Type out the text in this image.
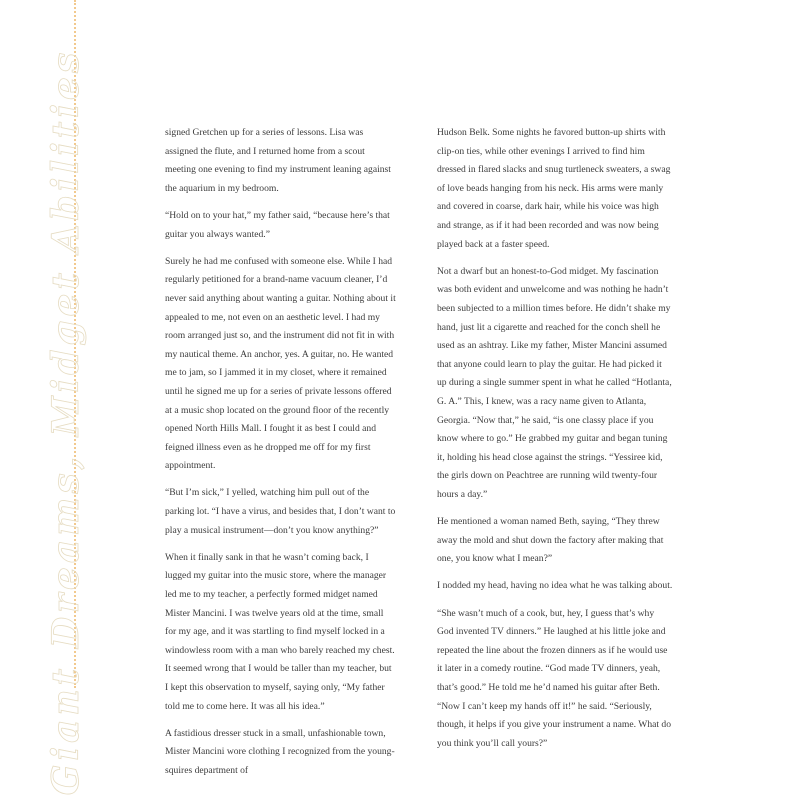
Giant Dreams, Midget Abilities	signed Gretchen up for a series of lessons. Lisa was assigned the flute, and I returned home from a scout meeting one evening to find my instrument leaning against the aquarium in my bedroom.

“Hold on to your hat,” my father said, “because here’s that guitar you always wanted.”

Surely he had me confused with someone else. While I had regularly petitioned for a brand-name vacuum cleaner, I’d never said anything about wanting a guitar. Nothing about it appealed to me, not even on an aesthetic level. I had my room arranged just so, and the instrument did not fit in with my nautical theme. An anchor, yes. A guitar, no. He wanted me to jam, so I jammed it in my closet, where it remained until he signed me up for a series of private lessons offered at a music shop located on the ground floor of the recently opened North Hills Mall. I fought it as best I could and feigned illness even as he dropped me off for my first appointment.

“But I’m sick,” I yelled, watching him pull out of the parking lot. “I have a virus, and besides that, I don’t want to play a musical instrument—don’t you know anything?”

When it finally sank in that he wasn’t coming back, I lugged my guitar into the music store, where the manager led me to my teacher, a perfectly formed midget named Mister Mancini. I was twelve years old at the time, small for my age, and it was startling to find myself locked in a windowless room with a man who barely reached my chest. It seemed wrong that I would be taller than my teacher, but I kept this observation to myself, saying only, “My father told me to come here. It was all his idea.”

A fastidious dresser stuck in a small, unfashionable town, Mister Mancini wore clothing I recognized from the young-squires department of

Hudson Belk. Some nights he favored button-up shirts with clip-on ties, while other evenings I arrived to find him dressed in flared slacks and snug turtleneck sweaters, a swag of love beads hanging from his neck. His arms were manly and covered in coarse, dark hair, while his voice was high and strange, as if it had been recorded and was now being played back at a faster speed.

Not a dwarf but an honest-to-God midget. My fascination was both evident and unwelcome and was nothing he hadn’t been subjected to a million times before. He didn’t shake my hand, just lit a cigarette and reached for the conch shell he used as an ashtray. Like my father, Mister Mancini assumed that anyone could learn to play the guitar. He had picked it up during a single summer spent in what he called “Hotlanta, G. A.” This, I knew, was a racy name given to Atlanta, Georgia. “Now that,” he said, “is one classy place if you know where to go.” He grabbed my guitar and began tuning it, holding his head close against the strings. “Yessiree kid, the girls down on Peachtree are running wild twenty-four hours a day.”

He mentioned a woman named Beth, saying, “They threw away the mold and shut down the factory after making that one, you know what I mean?”

I nodded my head, having no idea what he was talking about.

“She wasn’t much of a cook, but, hey, I guess that’s why God invented TV dinners.” He laughed at his little joke and repeated the line about the frozen dinners as if he would use it later in a comedy routine. “God made TV dinners, yeah, that’s good.” He told me he’d named his guitar after Beth. “Now I can’t keep my hands off it!” he said. “Seriously, though, it helps if you give your instrument a name. What do you think you’ll call yours?”
